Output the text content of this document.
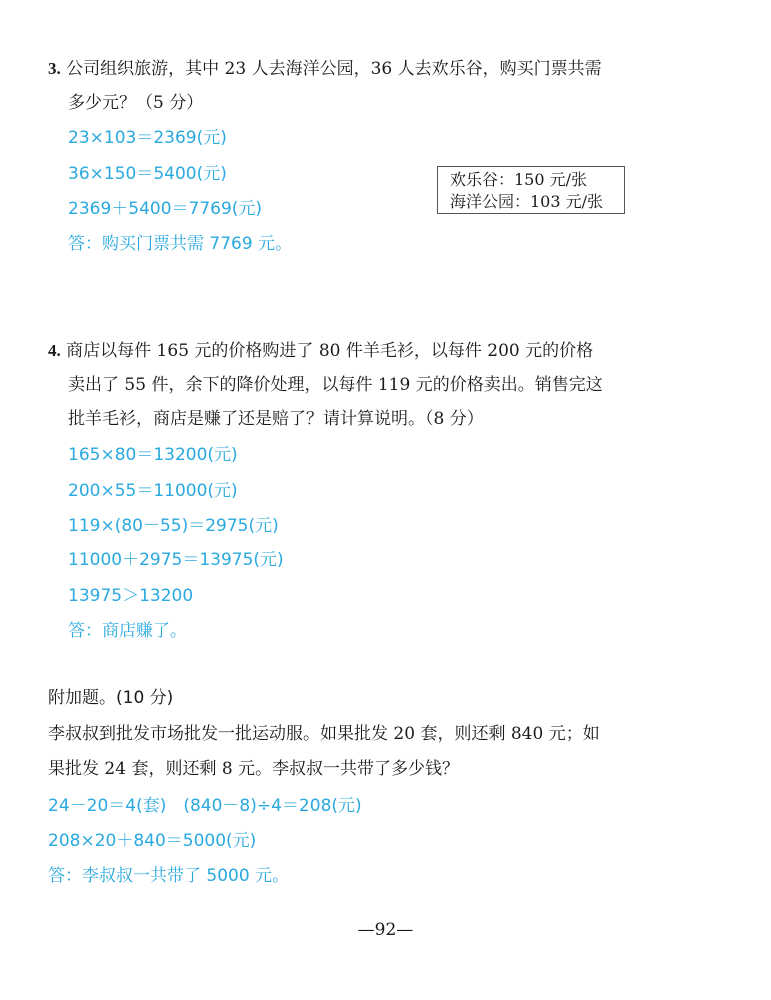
3. 公司组织旅游，其中 23 人去海洋公园，36 人去欢乐谷，购买门票共需
多少元？（5 分）
23×103＝2369(元)
36×150＝5400(元)
2369＋5400＝7769(元)
答：购买门票共需 7769 元。
欢乐谷：150 元/张
海洋公园：103 元/张
4. 商店以每件 165 元的价格购进了 80 件羊毛衫，以每件 200 元的价格
卖出了 55 件，余下的降价处理，以每件 119 元的价格卖出。销售完这
批羊毛衫，商店是赚了还是赔了？请计算说明。（8 分）
165×80＝13200(元)
200×55＝11000(元)
119×(80－55)＝2975(元)
11000＋2975＝13975(元)
13975＞13200
答：商店赚了。
附加题。(10 分)
李叔叔到批发市场批发一批运动服。如果批发 20 套，则还剩 840 元；如
果批发 24 套，则还剩 8 元。李叔叔一共带了多少钱？
24－20＝4(套)　(840－8)÷4＝208(元)
208×20＋840＝5000(元)
答：李叔叔一共带了 5000 元。
—92—
